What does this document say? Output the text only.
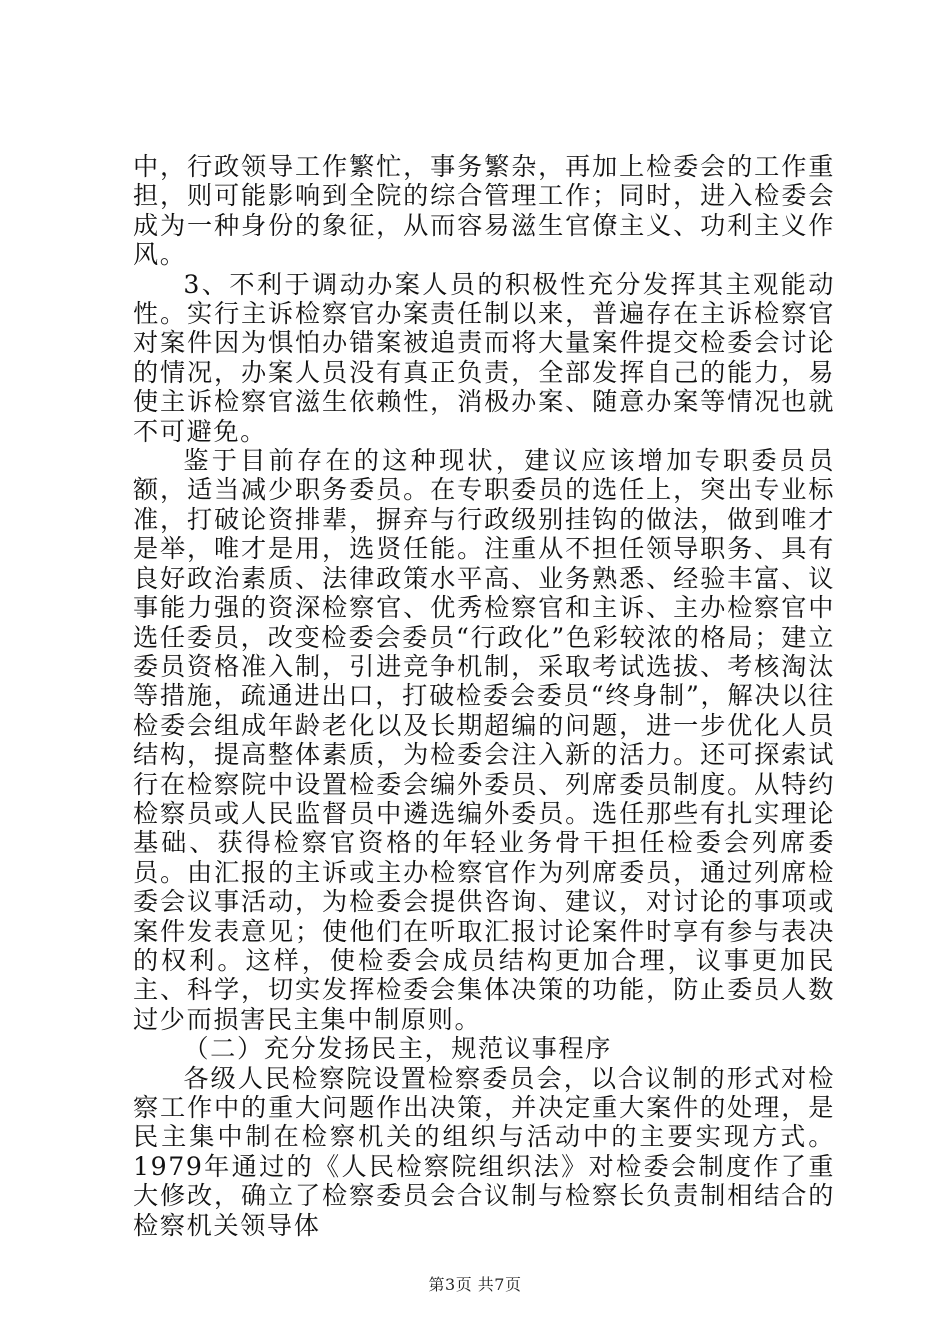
中，行政领导工作繁忙，事务繁杂，再加上检委会的工作重担，则可能影响到全院的综合管理工作；同时，进入检委会成为一种身份的象征，从而容易滋生官僚主义、功利主义作风。

3、不利于调动办案人员的积极性充分发挥其主观能动性。实行主诉检察官办案责任制以来，普遍存在主诉检察官对案件因为惧怕办错案被追责而将大量案件提交检委会讨论的情况，办案人员没有真正负责，全部发挥自己的能力，易使主诉检察官滋生依赖性，消极办案、随意办案等情况也就不可避免。

鉴于目前存在的这种现状，建议应该增加专职委员员额，适当减少职务委员。在专职委员的选任上，突出专业标准，打破论资排辈，摒弃与行政级别挂钩的做法，做到唯才是举，唯才是用，选贤任能。注重从不担任领导职务、具有良好政治素质、法律政策水平高、业务熟悉、经验丰富、议事能力强的资深检察官、优秀检察官和主诉、主办检察官中选任委员，改变检委会委员“行政化”色彩较浓的格局；建立委员资格准入制，引进竞争机制，采取考试选拔、考核淘汰等措施，疏通进出口，打破检委会委员“终身制”，解决以往检委会组成年龄老化以及长期超编的问题，进一步优化人员结构，提高整体素质，为检委会注入新的活力。还可探索试行在检察院中设置检委会编外委员、列席委员制度。从特约检察员或人民监督员中遴选编外委员。选任那些有扎实理论基础、获得检察官资格的年轻业务骨干担任检委会列席委员。由汇报的主诉或主办检察官作为列席委员，通过列席检委会议事活动，为检委会提供咨询、建议，对讨论的事项或案件发表意见；使他们在听取汇报讨论案件时享有参与表决的权利。这样，使检委会成员结构更加合理，议事更加民主、科学，切实发挥检委会集体决策的功能，防止委员人数过少而损害民主集中制原则。

（二）充分发扬民主，规范议事程序

各级人民检察院设置检察委员会，以合议制的形式对检察工作中的重大问题作出决策，并决定重大案件的处理，是民主集中制在检察机关的组织与活动中的主要实现方式。1979年通过的《人民检察院组织法》对检委会制度作了重大修改，确立了检察委员会合议制与检察长负责制相结合的检察机关领导体

第3页 共7页
